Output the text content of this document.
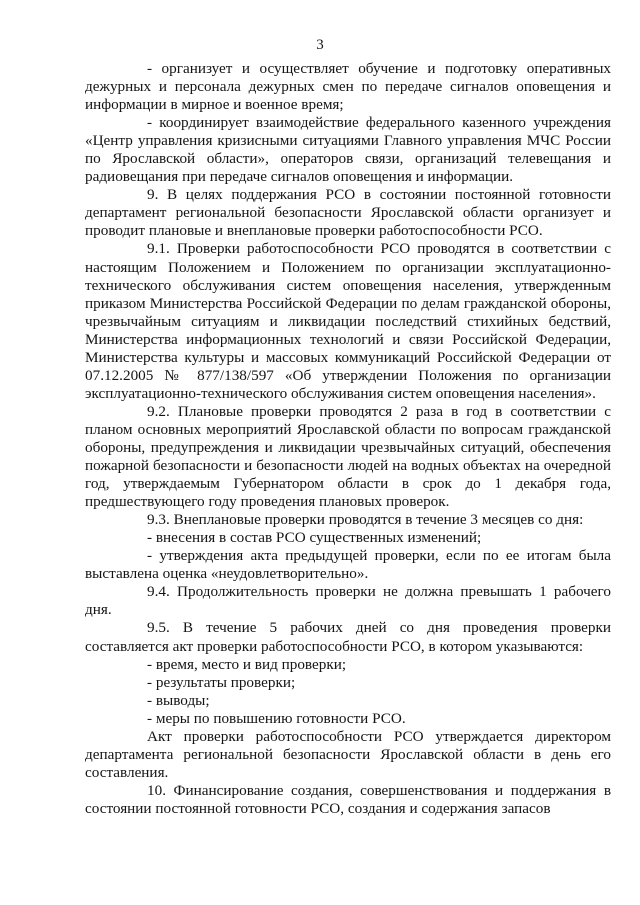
3

- организует и осуществляет обучение и подготовку оперативных дежурных и персонала дежурных смен по передаче сигналов оповещения и информации в мирное и военное время;

- координирует взаимодействие федерального казенного учреждения «Центр управления кризисными ситуациями Главного управления МЧС России по Ярославской области», операторов связи, организаций телевещания и радиовещания при передаче сигналов оповещения и информации.

9. В целях поддержания РСО в состоянии постоянной готовности департамент региональной безопасности Ярославской области организует и проводит плановые и внеплановые проверки работоспособности РСО.

9.1. Проверки работоспособности РСО проводятся в соответствии с настоящим Положением и Положением по организации эксплуатационно-технического обслуживания систем оповещения населения, утвержденным приказом Министерства Российской Федерации по делам гражданской обороны, чрезвычайным ситуациям и ликвидации последствий стихийных бедствий, Министерства информационных технологий и связи Российской Федерации, Министерства культуры и массовых коммуникаций Российской Федерации от 07.12.2005 № 877/138/597 «Об утверждении Положения по организации эксплуатационно-технического обслуживания систем оповещения населения».

9.2. Плановые проверки проводятся 2 раза в год в соответствии с планом основных мероприятий Ярославской области по вопросам гражданской обороны, предупреждения и ликвидации чрезвычайных ситуаций, обеспечения пожарной безопасности и безопасности людей на водных объектах на очередной год, утверждаемым Губернатором области в срок до 1 декабря года, предшествующего году проведения плановых проверок.

9.3. Внеплановые проверки проводятся в течение 3 месяцев со дня:

- внесения в состав РСО существенных изменений;

- утверждения акта предыдущей проверки, если по ее итогам была выставлена оценка «неудовлетворительно».

9.4. Продолжительность проверки не должна превышать 1 рабочего дня.

9.5. В течение 5 рабочих дней со дня проведения проверки составляется акт проверки работоспособности РСО, в котором указываются:

- время, место и вид проверки;

- результаты проверки;

- выводы;

- меры по повышению готовности РСО.

Акт проверки работоспособности РСО утверждается директором департамента региональной безопасности Ярославской области в день его составления.

10. Финансирование создания, совершенствования и поддержания в состоянии постоянной готовности РСО, создания и содержания запасов
